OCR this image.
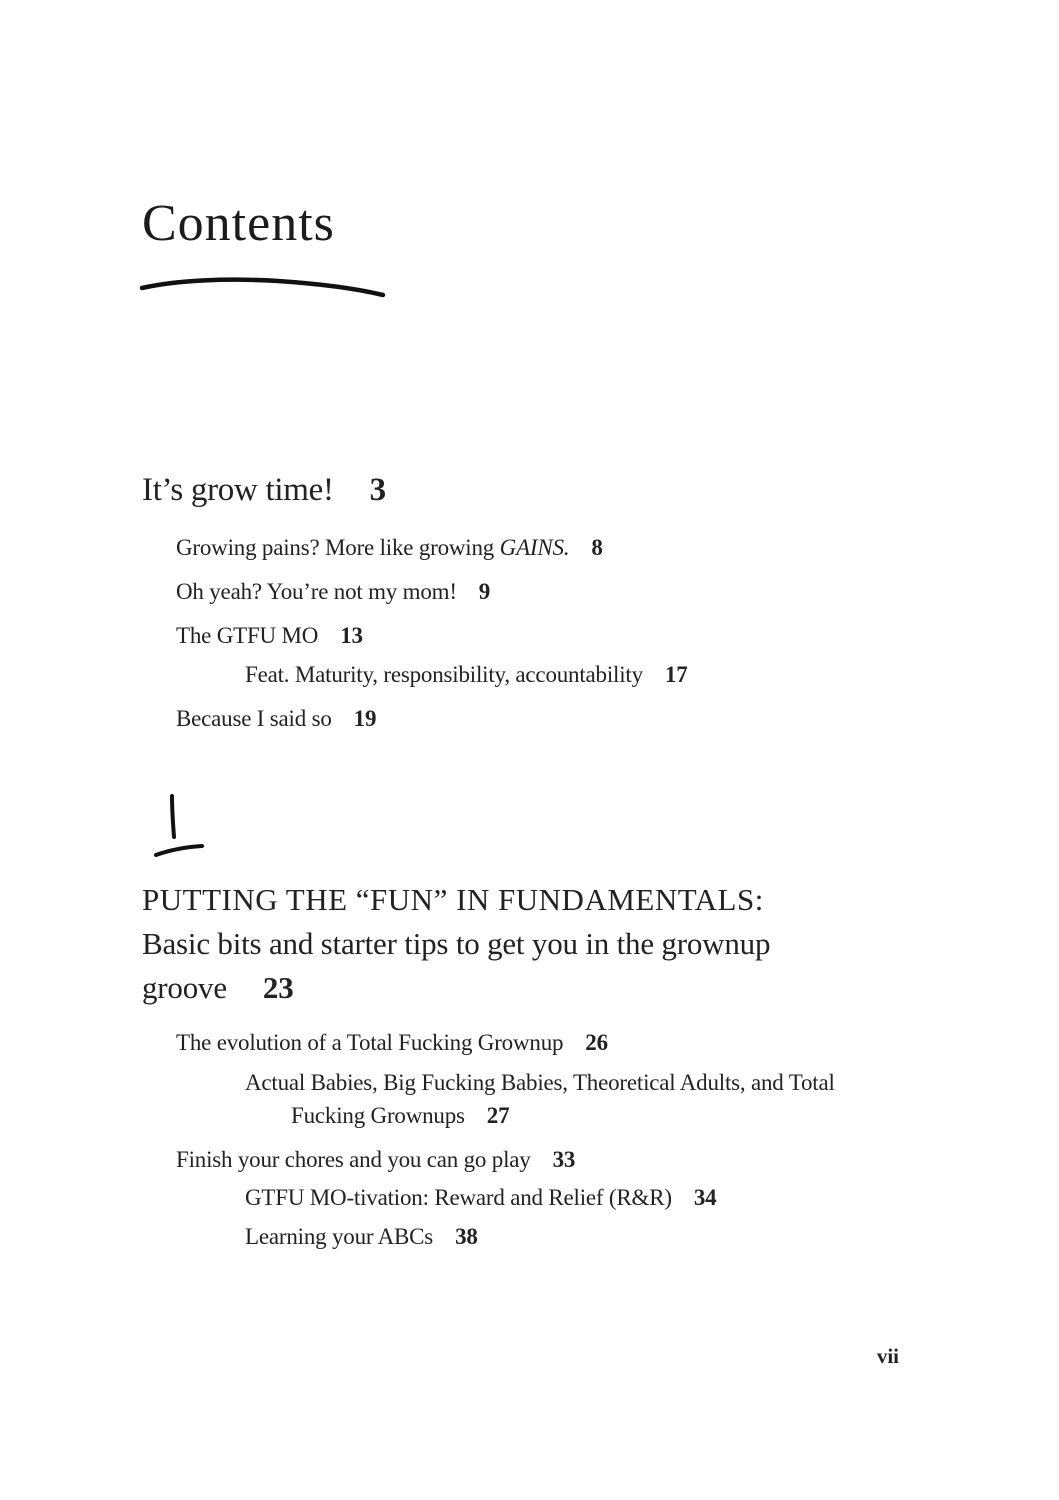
Contents
It’s grow time! 3
Growing pains? More like growing GAINS. 8
Oh yeah? You’re not my mom! 9
The GTFU MO 13
Feat. Maturity, responsibility, accountability 17
Because I said so 19
PUTTING THE “FUN” IN FUNDAMENTALS:
Basic bits and starter tips to get you in the grownup groove 23
The evolution of a Total Fucking Grownup 26
Actual Babies, Big Fucking Babies, Theoretical Adults, and Total
Fucking Grownups 27
Finish your chores and you can go play 33
GTFU MO-tivation: Reward and Relief (R&R) 34
Learning your ABCs 38
vii
